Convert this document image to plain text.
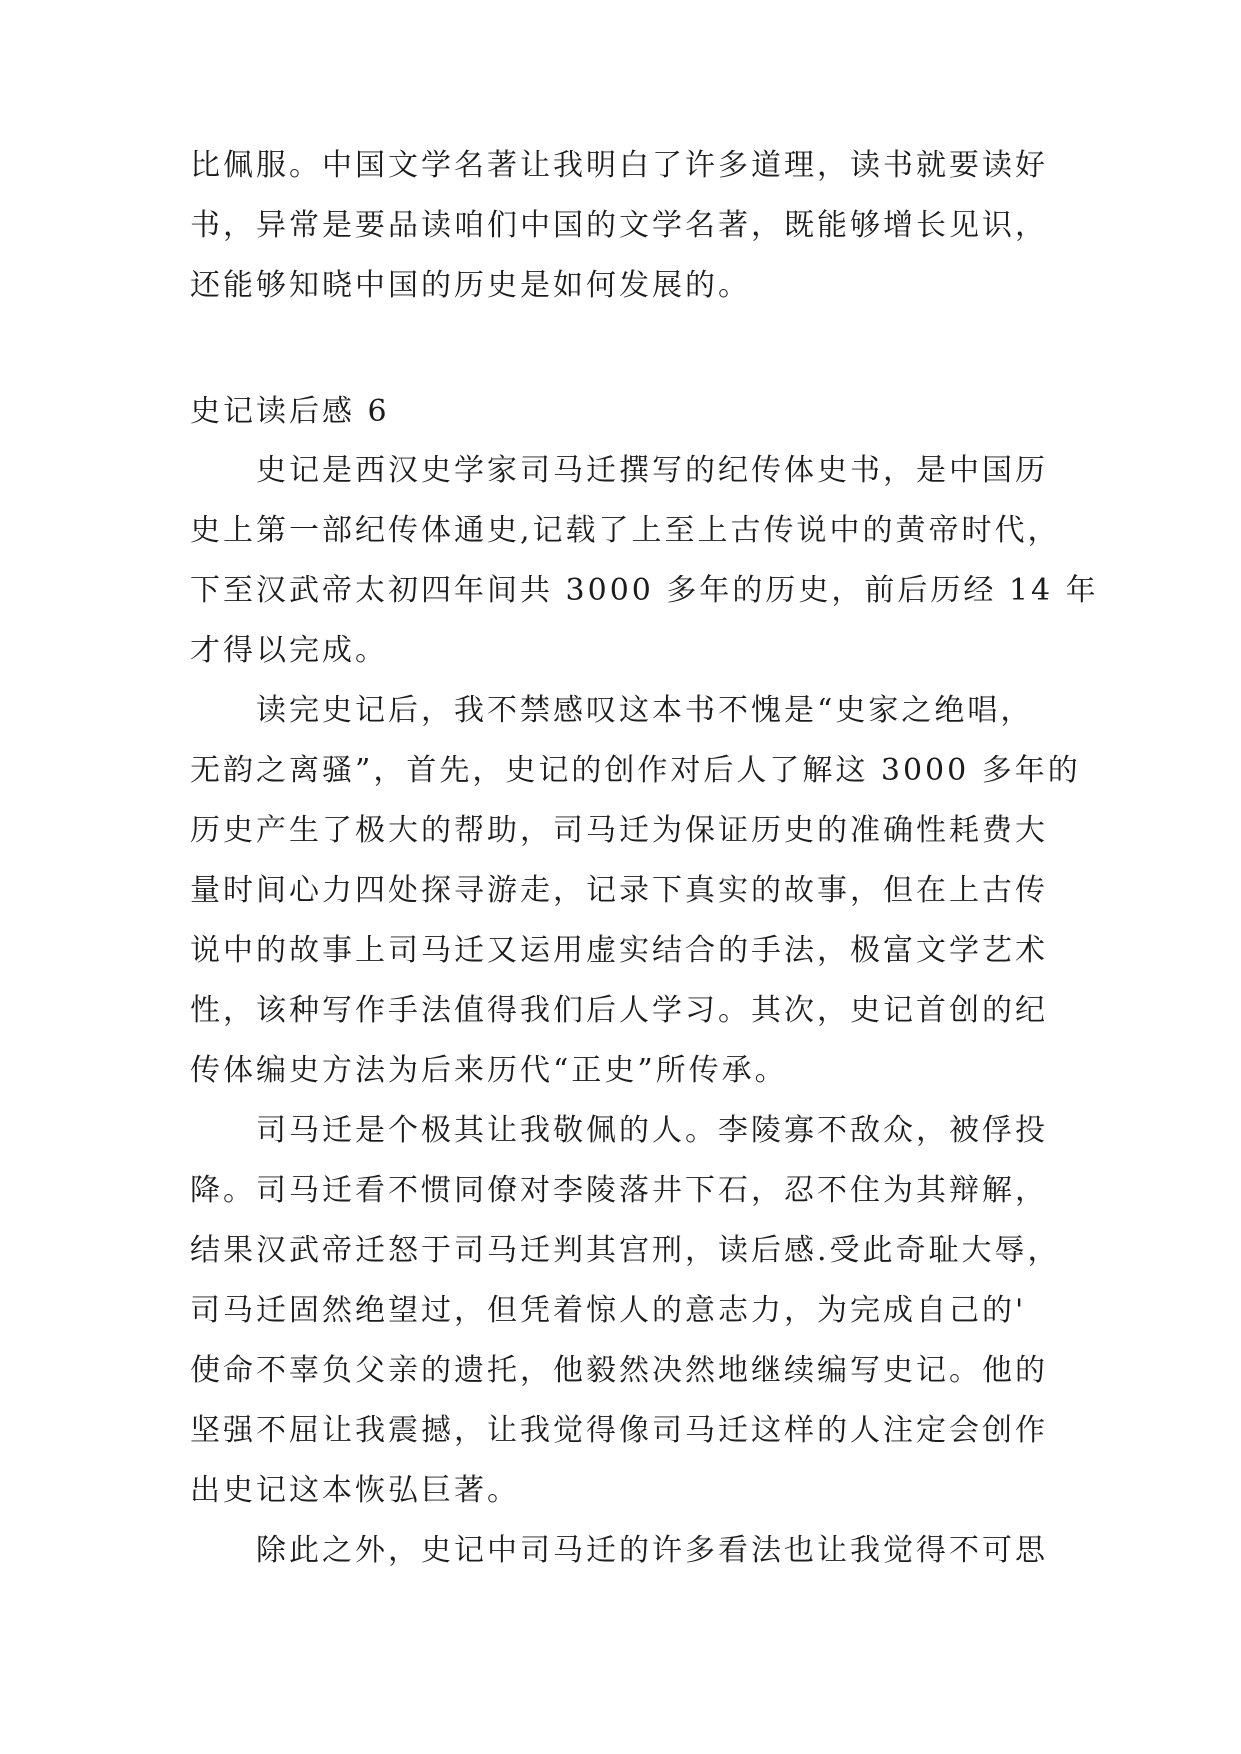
比佩服。中国文学名著让我明白了许多道理，读书就要读好
书，异常是要品读咱们中国的文学名著，既能够增长见识，
还能够知晓中国的历史是如何发展的。
史记读后感 6
　　史记是西汉史学家司马迁撰写的纪传体史书，是中国历
史上第一部纪传体通史,记载了上至上古传说中的黄帝时代，
下至汉武帝太初四年间共 3000 多年的历史，前后历经 14 年
才得以完成。
　　读完史记后，我不禁感叹这本书不愧是“史家之绝唱，
无韵之离骚”，首先，史记的创作对后人了解这 3000 多年的
历史产生了极大的帮助，司马迁为保证历史的准确性耗费大
量时间心力四处探寻游走，记录下真实的故事，但在上古传
说中的故事上司马迁又运用虚实结合的手法，极富文学艺术
性，该种写作手法值得我们后人学习。其次，史记首创的纪
传体编史方法为后来历代“正史”所传承。
　　司马迁是个极其让我敬佩的人。李陵寡不敌众，被俘投
降。司马迁看不惯同僚对李陵落井下石，忍不住为其辩解，
结果汉武帝迁怒于司马迁判其宫刑，读后感.受此奇耻大辱，
司马迁固然绝望过，但凭着惊人的意志力，为完成自己的'
使命不辜负父亲的遗托，他毅然决然地继续编写史记。他的
坚强不屈让我震撼，让我觉得像司马迁这样的人注定会创作
出史记这本恢弘巨著。
　　除此之外，史记中司马迁的许多看法也让我觉得不可思
